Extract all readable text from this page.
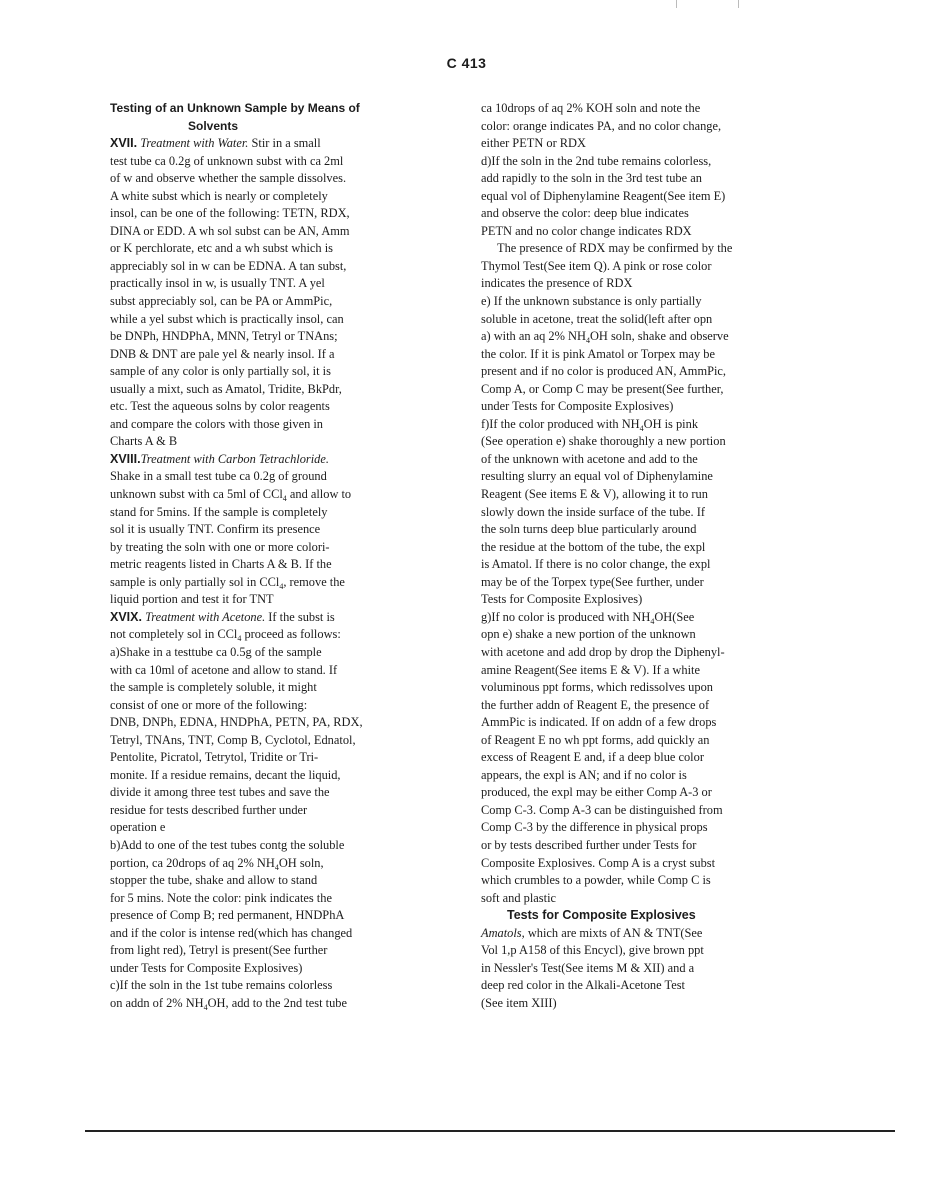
C 413

Testing of an Unknown Sample by Means of

Solvents

XVII. Treatment with Water. Stir in a small

test tube ca 0.2g of unknown subst with ca 2ml

of w and observe whether the sample dissolves.

A white subst which is nearly or completely

insol, can be one of the following: TETN, RDX,

DINA or EDD. A wh sol subst can be AN, Amm

or K perchlorate, etc and a wh subst which is

appreciably sol in w can be EDNA. A tan subst,

practically insol in w, is usually TNT. A yel

subst appreciably sol, can be PA or AmmPic,

while a yel subst which is practically insol, can

be DNPh, HNDPhA, MNN, Tetryl or TNAns;

DNB & DNT are pale yel & nearly insol. If a

sample of any color is only partially sol, it is

usually a mixt, such as Amatol, Tridite, BkPdr,

etc. Test the aqueous solns by color reagents

and compare the colors with those given in

Charts A & B

XVIII.Treatment with Carbon Tetrachloride.

Shake in a small test tube ca 0.2g of ground

unknown subst with ca 5ml of CCl$_4$ and allow to

stand for 5mins. If the sample is completely

sol it is usually TNT. Confirm its presence

by treating the soln with one or more colori-

metric reagents listed in Charts A & B. If the

sample is only partially sol in CCl$_4$, remove the

liquid portion and test it for TNT

XVIX. Treatment with Acetone. If the subst is

not completely sol in CCl$_4$ proceed as follows:

a)Shake in a testtube ca 0.5g of the sample

with ca 10ml of acetone and allow to stand. If

the sample is completely soluble, it might

consist of one or more of the following:

DNB, DNPh, EDNA, HNDPhA, PETN, PA, RDX,

Tetryl, TNAns, TNT, Comp B, Cyclotol, Ednatol,

Pentolite, Picratol, Tetrytol, Tridite or Tri-

monite. If a residue remains, decant the liquid,

divide it among three test tubes and save the

residue for tests described further under

operation e

b)Add to one of the test tubes contg the soluble

portion, ca 20drops of aq 2% $NH_4OH$ soln,

stopper the tube, shake and allow to stand

for 5 mins. Note the color: pink indicates the

presence of Comp B; red permanent, HNDPhA

and if the color is intense red(which has changed

from light red), Tetryl is present(See further

under Tests for Composite Explosives)

c)If the soln in the 1st tube remains colorless

on addn of 2% $NH_4OH$, add to the 2nd test tube

ca 10drops of aq 2% KOH soln and note the

color: orange indicates PA, and no color change,

either PETN or RDX

d)If the soln in the 2nd tube remains colorless,

add rapidly to the soln in the 3rd test tube an

equal vol of Diphenylamine Reagent(See item E)

and observe the color: deep blue indicates

PETN and no color change indicates RDX

The presence of RDX may be confirmed by the

Thymol Test(See item Q). A pink or rose color

indicates the presence of RDX

e) If the unknown substance is only partially

soluble in acetone, treat the solid(left after opn

a) with an aq 2% $NH_4OH$ soln, shake and observe

the color. If it is pink Amatol or Torpex may be

present and if no color is produced AN, AmmPic,

Comp A, or Comp C may be present(See further,

under Tests for Composite Explosives)

f)If the color produced with $NH_4OH$ is pink

(See operation e) shake thoroughly a new portion

of the unknown with acetone and add to the

resulting slurry an equal vol of Diphenylamine

Reagent (See items E & V), allowing it to run

slowly down the inside surface of the tube. If

the soln turns deep blue particularly around

the residue at the bottom of the tube, the expl

is Amatol. If there is no color change, the expl

may be of the Torpex type(See further, under

Tests for Composite Explosives)

g)If no color is produced with $NH_4OH(See$

opn e) shake a new portion of the unknown

with acetone and add drop by drop the Diphenyl-

amine Reagent(See items E & V). If a white

voluminous ppt forms, which redissolves upon

the further addn of Reagent E, the presence of

AmmPic is indicated. If on addn of a few drops

of Reagent E no wh ppt forms, add quickly an

excess of Reagent E and, if a deep blue color

appears, the expl is AN; and if no color is

produced, the expl may be either Comp A-3 or

Comp C-3. Comp A-3 can be distinguished from

Comp C-3 by the difference in physical props

or by tests described further under Tests for

Composite Explosives. Comp A is a cryst subst

which crumbles to a powder, while Comp C is

soft and plastic

Tests for Composite Explosives

Amatols, which are mixts of AN & TNT(See

Vol 1,p A158 of this Encycl), give brown ppt

in Nessler's Test(See items M & XII) and a

deep red color in the Alkali-Acetone Test

(See item XIII)
